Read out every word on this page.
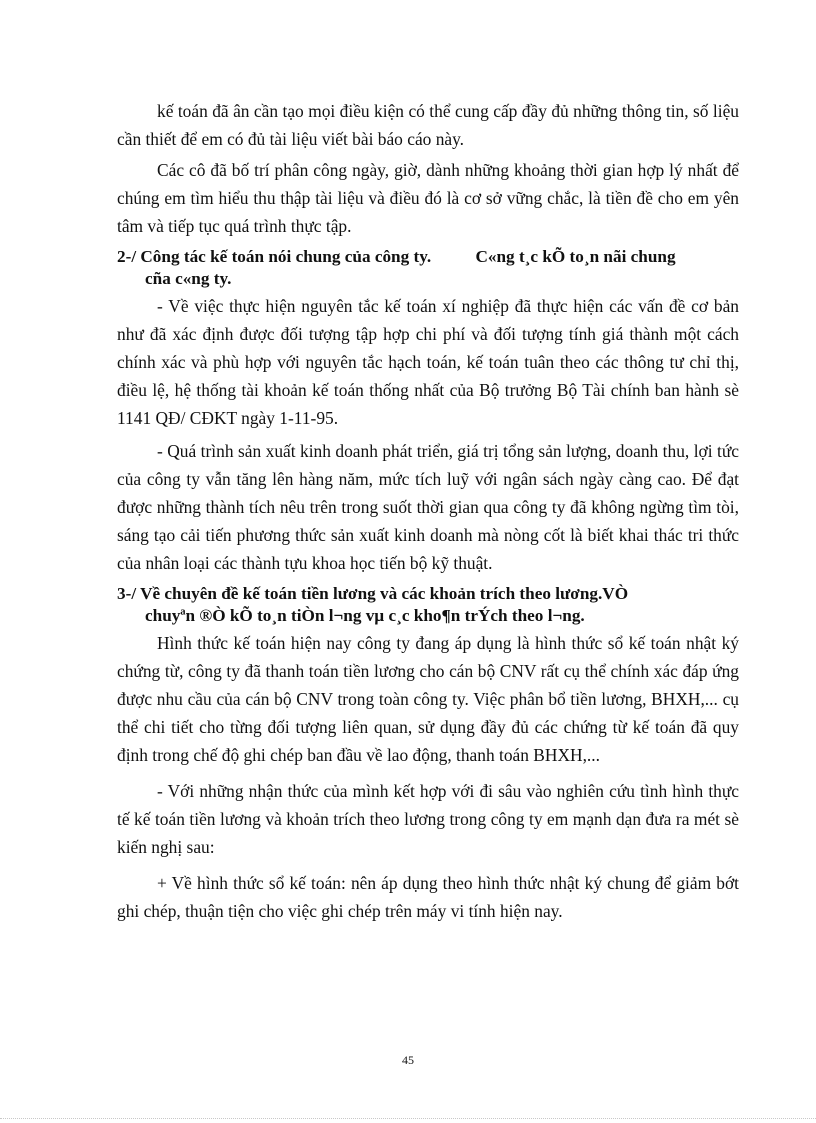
kế toán đã ân cần tạo mọi điều kiện có thể cung cấp đầy đủ những thông tin, số liệu cần thiết để em có đủ tài liệu viết bài báo cáo này.

Các cô đã bố trí phân công ngày, giờ, dành những khoảng thời gian hợp lý nhất để chúng em tìm hiểu thu thập tài liệu và điều đó là cơ sở vững chắc, là tiền đề cho em yên tâm và tiếp tục quá trình thực tập.

2-/ Công tác kế toán nói chung của công ty.	C«ng t¸c kÕ to¸n nãi chung
cña c«ng ty.

- Về việc thực hiện nguyên tắc kế toán xí nghiệp đã thực hiện các vấn đề cơ bản như đã xác định được đối tượng tập hợp chi phí và đối tượng tính giá thành một cách chính xác và phù hợp với nguyên tắc hạch toán, kế toán tuân theo các thông tư chỉ thị, điều lệ, hệ thống tài khoản kế toán thống nhất của Bộ trưởng Bộ Tài chính ban hành sè 1141 QĐ/ CĐKT ngày 1-11-95.

- Quá trình sản xuất kinh doanh phát triển, giá trị tổng sản lượng, doanh thu, lợi tức của công ty vẫn tăng lên hàng năm, mức tích luỹ với ngân sách ngày càng cao. Để đạt được những thành tích nêu trên trong suốt thời gian qua công ty đã không ngừng tìm tòi, sáng tạo cải tiến phương thức sản xuất kinh doanh mà nòng cốt là biết khai thác tri thức của nhân loại các thành tựu khoa học tiến bộ kỹ thuật.

3-/ Về chuyên đề kế toán tiền lương và các khoản trích theo lương.VÒ
chuyªn ®Ò kÕ to¸n tiÒn l¬ng vµ c¸c kho¶n trÝch theo l¬ng.

Hình thức kế toán hiện nay công ty đang áp dụng là hình thức sổ kế toán nhật ký chứng từ, công ty đã thanh toán tiền lương cho cán bộ CNV rất cụ thể chính xác đáp ứng được nhu cầu của cán bộ CNV trong toàn công ty. Việc phân bổ tiền lương, BHXH,... cụ thể chi tiết cho từng đối tượng liên quan, sử dụng đầy đủ các chứng từ kế toán đã quy định trong chế độ ghi chép ban đầu về lao động, thanh toán BHXH,...

- Với những nhận thức của mình kết hợp với đi sâu vào nghiên cứu tình hình thực tế kế toán tiền lương và khoản trích theo lương trong công ty em mạnh dạn đưa ra mét sè kiến nghị sau:

+ Về hình thức sổ kế toán: nên áp dụng theo hình thức nhật ký chung để giảm bớt ghi chép, thuận tiện cho việc ghi chép trên máy vi tính hiện nay.

45
